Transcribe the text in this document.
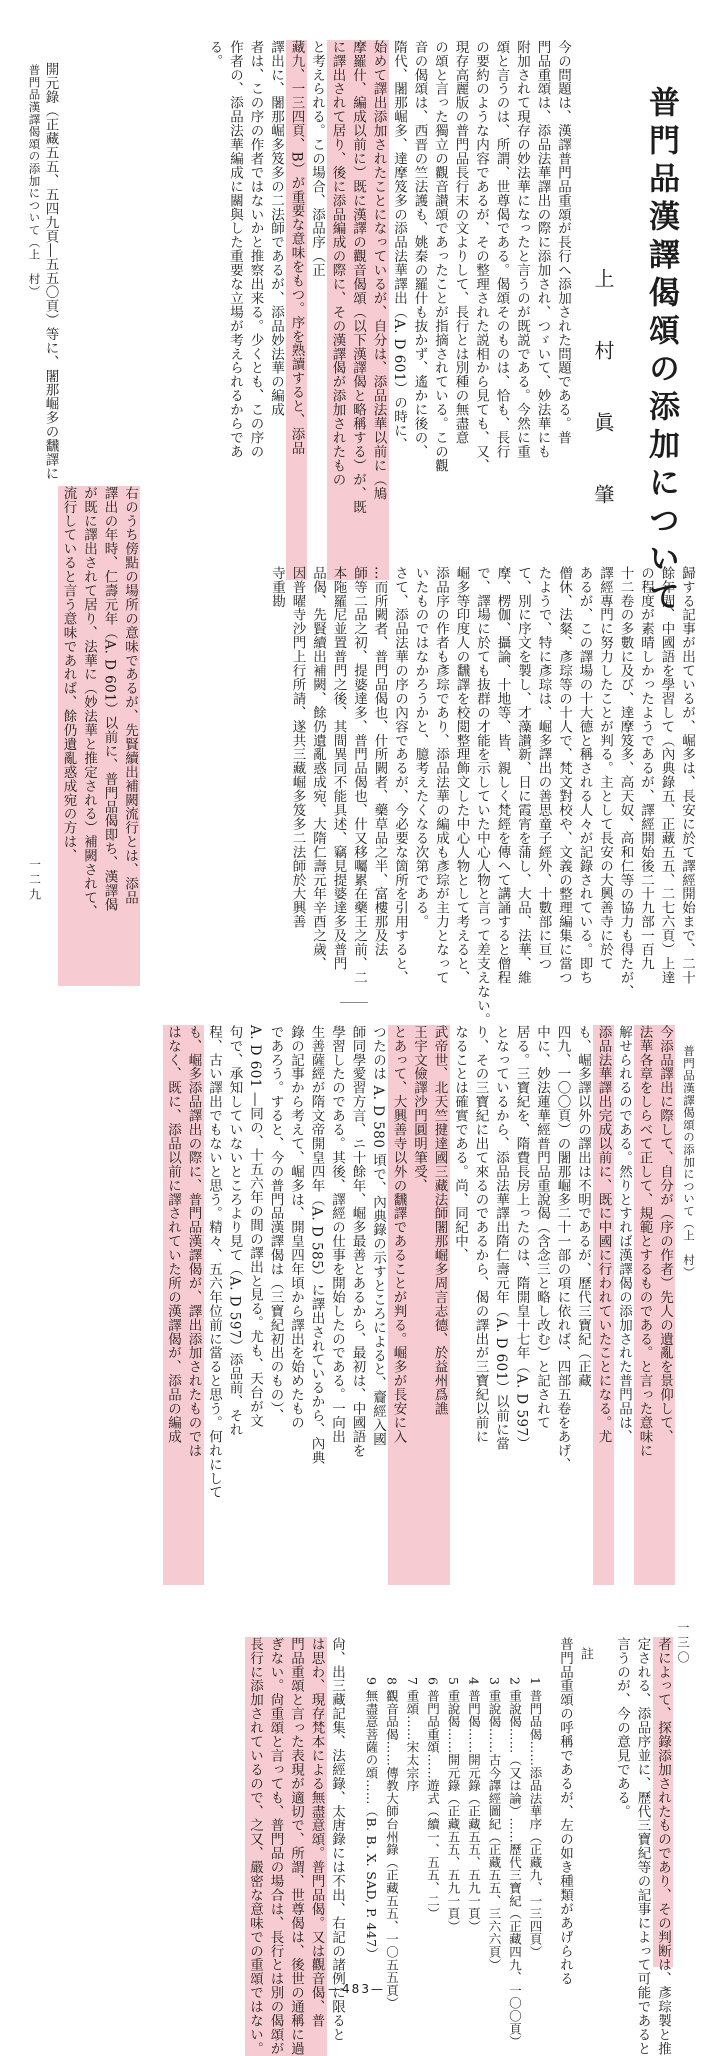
普門品漢譯偈頌の添加について
上　村　眞　肇
今の問題は、漢譯普門品重頌が長行へ添加された問題である。普
門品重頌は、添品法華譯出の際に添加され、つゞいて、妙法華にも
附加されて現存の妙法華になったと言うのが既説である。今然に重
頌と言うのは、所謂、世尊偈である。偈頌そのものは、恰も、長行
の要約のような内容であるが、その整理された説相から見ても、又、
現存高麗版の普門品長行末の文よりして、長行とは別種の無盡意
の頌と言った獨立の觀音讃頌であったことが指摘されている。この觀
音の偈頌は、西晋の竺法護も、姚秦の羅什も抜かず、遙かに後の、
隋代、闍那崛多、達摩笈多の添品法華譯出（A. D 601）の時に、
始めて譯出添加されたことになっているが、自分は、添品法華以前に（鳩
摩羅什、編成以前に）既に漢譯の觀音偈頌（以下漢譯偈と略稱する）が、既
に譯出されて居り、後に添品編成の際に、その漢譯偈が添加されたもの
と考えられる。この場合、添品序（正
藏九、一三四頁、B）が重要な意味をもつ。序を熟讀すると、添品
譯出に、闍那崛多笈多の二法師であるが、添品妙法華の編成
者は、この序の作者ではないかと推察出来る。少くとも、この序の
作者の、添品法華編成に關與した重要な立場が考えられるからであ
る。
開元錄（正藏五五、五四九頁―五五〇頁）等に、闍那崛多の飜譯に
普門品漢譯偈頌の添加について（上　村）
歸する記事が出ているが、崛多は、長安に於て譯經開始まで、二十
餘年間、中國語を學習して（內典錄五、正藏五五、二七六頁）上達
の程度が素晴しかったようであるが、譯經開始後二十九部一百九
十二卷の多數に及び、達摩笈多、高天奴、高和仁等の協力も得たが、
譯經專門に努力したことが判る。主として長安の大興善寺に於て
あるが、この譯場の十大德と稱される人々が記錄されている。即ち
僧休、法粲、彥琮等の十人で、梵文對校や、文義の整理編集に當つ
たようで、特に彥琮は、崛多譯出の善思童子經外、十數部に亘つ
て、別に序文を製し、才藻讃新、日に霞宵を蒲し、大品、法華、維
摩、楞伽、攝論、十地等、皆、親しく梵經を傳へて講誦すると僧程
で、譯場に於ても抜群の才能を示していた中心人物と言って差支えない。
崛多等印度人の飜譯を校閲整理飾文した中心人物として考えると、
添品序の作者も彥琮であり、添品法華の編成も彥琮が主力となって
いたものではなかろうかと、臆考えたくなる次第である。
さて、添品法華の序の內容であるが、今必要な箇所を引用すると、
…而所闕者、普門品偈也、什所闕者、藥草品之半、富樓那及法
師等二品之初、提婆達多、普門品偈也、什又移囑累在藥王之前、二
本陁羅尼並置普門之後、其間異同不能具述、竊見提婆達多及普門
品偈、先賢續出補闕、餘仍遺亂惑成宛、大隋仁壽元年辛酉之歲、
因普曜寺沙門上行所請、遂共三藏崛多笈多二法師於大興善
寺重勘
右のうち傍點の場所の意味であるが、先賢續出補闕流行とは、添品
譯出の年時、仁壽元年（A. D 601）以前に、普門品偈即ち、漢譯偈
が既に譯出されて居り、法華に（妙法華と推定される）補闕されて、
流行していると言う意味であれば、餘仍遺亂惑成宛の方は、
一二九
普門品漢譯偈頌の添加について（上　村）
今添品譯出に際して、自分が（序の作者）先人の遺亂を景仰して、
法華各章をしらべて正して、規範とするものである。と言った意味に
解せられるのである。然りとすれば漢譯偈の添加された普門品は、
添品法華譯出完成以前に、既に中國に行われていたことになる。尤
も、崛多譯以外の譯出は不明であるが、歷代三寶紀（正藏
四九、一〇〇頁）の闍那崛多二十一部の項に依れば、四部五卷をあげ、
中に、妙法蓮華經普門品重說偈（含念三と略し改む）と記されて
居る。三寶紀を、隋費長房上ったのは、隋開皇十七年（A. D 597）
となっているから、添品法華譯出隋仁壽元年（A. D 601）以前に當
り、その三寶紀に出て來るのであるから、偈の譯出が三寶紀以前に
なることは確實である。尚、同紀中、
武帝世、北天竺揵達國三藏法師闍那崛多周言志德、於益州爲譙
王宇文儉譯沙門圓明筆受、
とあって、大興善寺以外の飜譯であることが判る。崛多が長安に入
つたのは A. D 580 頃で、內典錄の示すところによると、齎經入國
師同學愛習方言、ニ十餘年、崛多最善とあるから、最初は、中國語を
學習したのである。其後、譯經の仕事を開始したのである。一向出
生善薩經が隋文帝開皇四年（A. D 585）に譯出されているから、內典
錄の記事から考えて、崛多は、開皇四年頃から譯出を始めたもの
であろう。すると、今の普門品漢譯偈は（三寶紀初出のもの）、
A. D 601 ―同の、十五六年の間の譯出と見る。尤も、天台が文
句で、承知していないところより見て（A. D 597）添品前、それ
程、古い譯出でもないと思う。精々、五六年位前に當ると思う。何れにして
も、崛多添品譯出の際に、普門品漢譯偈が、譯出添加されたものでは
はなく、既に、添品以前に譯されていた所の漢譯偈が、添品の編成
一三〇
者によって、探錄添加されたものであり、その判断は、彥琮製と推
定される、添品序並に、歷代三寶紀等の記事によって可能であると
言うのが、今の意見である。
註
普門品重頌の呼稱であるが、左の如き種類があげられる
1 普門品偈……添品法華序（正藏九、一三四頁）
2 重說偈……（又は論）……歷代三寶紀（正藏四九、一〇〇頁）
3 重說偈……古今譯經圖紀（正藏五五、三六六頁）
4 普門偈……開元錄（正藏五五、五九一頁）
5 重說偈……開元錄（正藏五五、五九一頁）
6 普門品重頌……遊式（續一、五五、二）
7 重頌……宋太宗序
8 觀音品偈……傳教大師台州錄（正藏五五、一〇五五頁）
9 無盡意菩薩の頌……（B. B. X. SAD, P. 447）
尙、出三藏記集、法經錄、太唐錄には不出、右記の諸例に限ると
は思わ、現存梵本による無盡意頌。普門品偈。又は觀音偈、普
門品重頌と言った表現が適切で、所謂、世尊偈は、後世の通稱に過
ぎない。尙重頌と言っても、普門品の場合は、長行とは別の偈頌が
長行に添加されているので、之又、嚴密な意味での重頌ではない。	—483—
